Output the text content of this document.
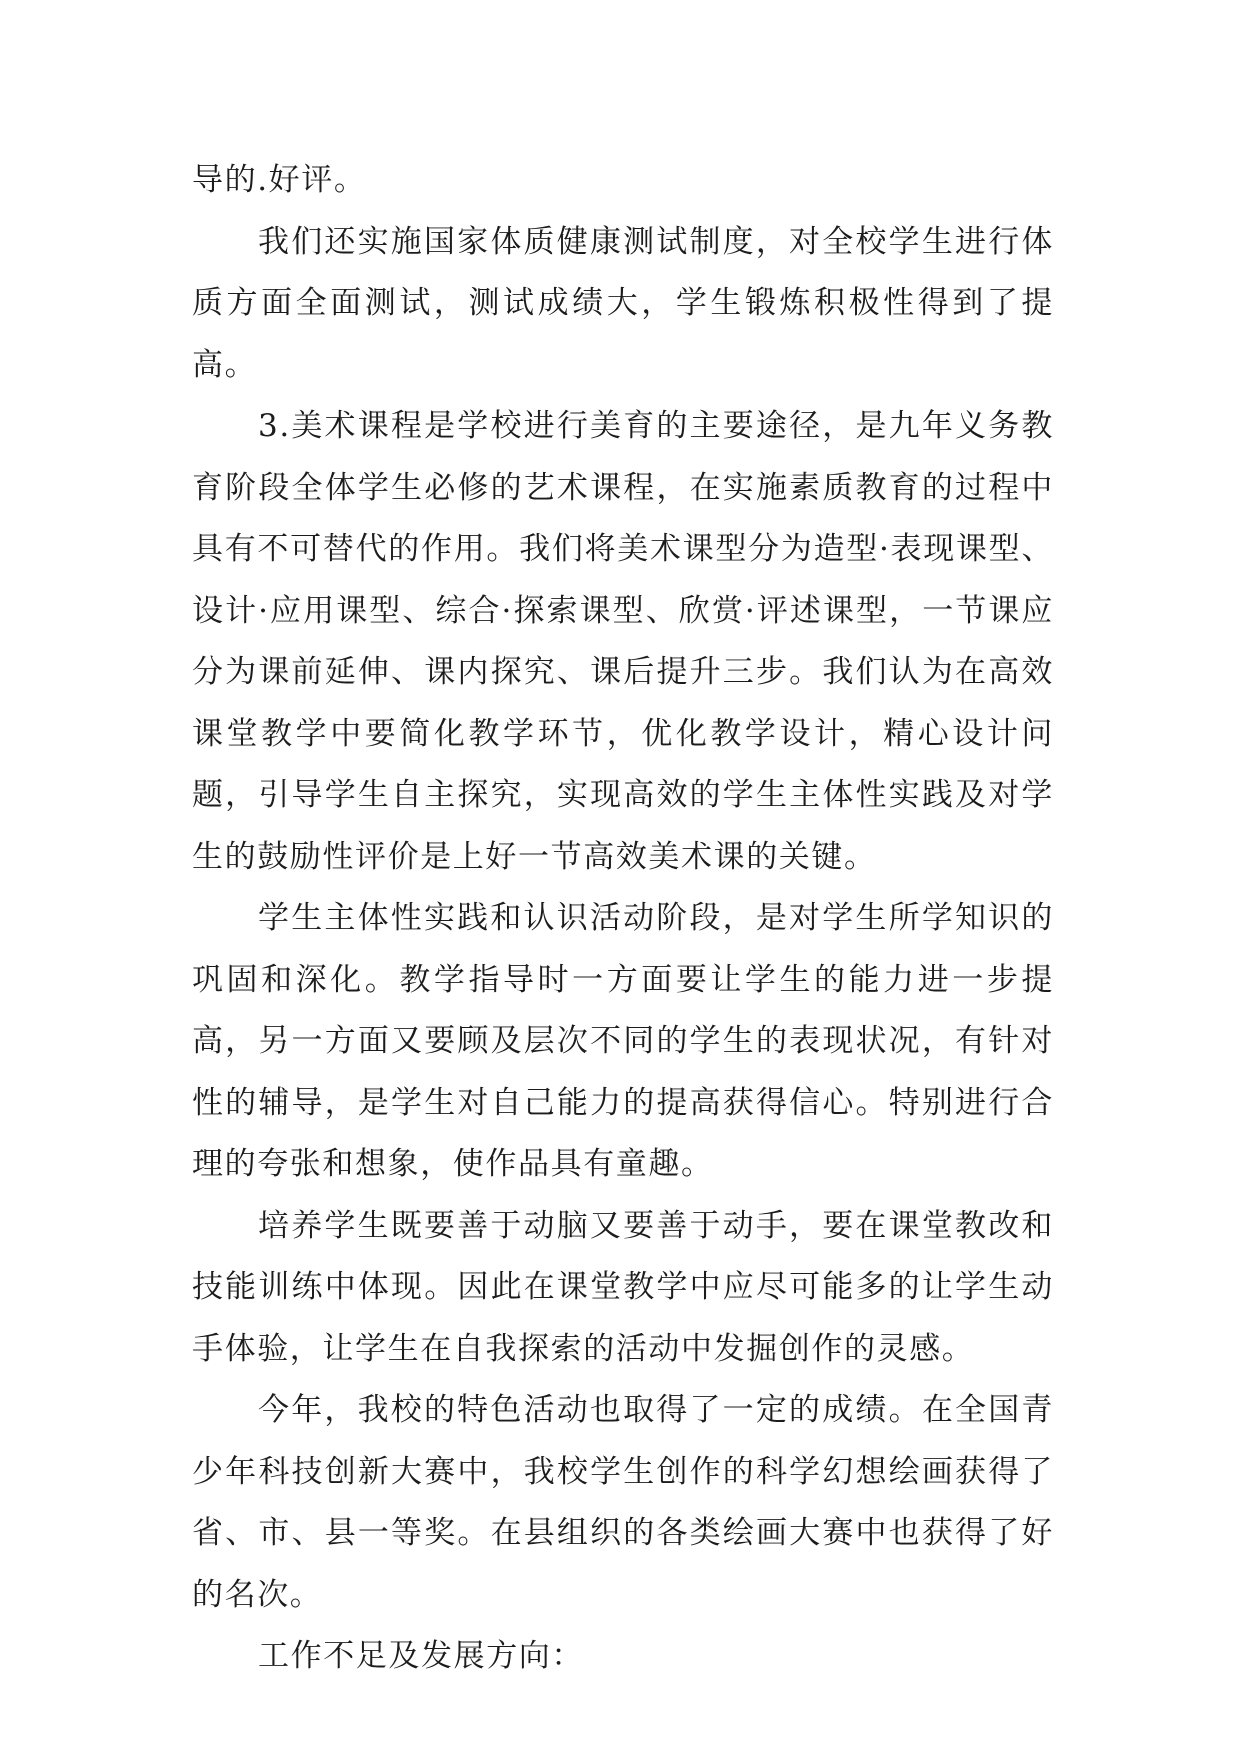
导的.好评。

我们还实施国家体质健康测试制度，对全校学生进行体质方面全面测试，测试成绩大，学生锻炼积极性得到了提高。

3.美术课程是学校进行美育的主要途径，是九年义务教育阶段全体学生必修的艺术课程，在实施素质教育的过程中具有不可替代的作用。我们将美术课型分为造型·表现课型、设计·应用课型、综合·探索课型、欣赏·评述课型，一节课应分为课前延伸、课内探究、课后提升三步。我们认为在高效课堂教学中要简化教学环节，优化教学设计，精心设计问题，引导学生自主探究，实现高效的学生主体性实践及对学生的鼓励性评价是上好一节高效美术课的关键。

学生主体性实践和认识活动阶段，是对学生所学知识的巩固和深化。教学指导时一方面要让学生的能力进一步提高，另一方面又要顾及层次不同的学生的表现状况，有针对性的辅导，是学生对自己能力的提高获得信心。特别进行合理的夸张和想象，使作品具有童趣。

培养学生既要善于动脑又要善于动手，要在课堂教改和技能训练中体现。因此在课堂教学中应尽可能多的让学生动手体验，让学生在自我探索的活动中发掘创作的灵感。

今年，我校的特色活动也取得了一定的成绩。在全国青少年科技创新大赛中，我校学生创作的科学幻想绘画获得了省、市、县一等奖。在县组织的各类绘画大赛中也获得了好的名次。

工作不足及发展方向：
